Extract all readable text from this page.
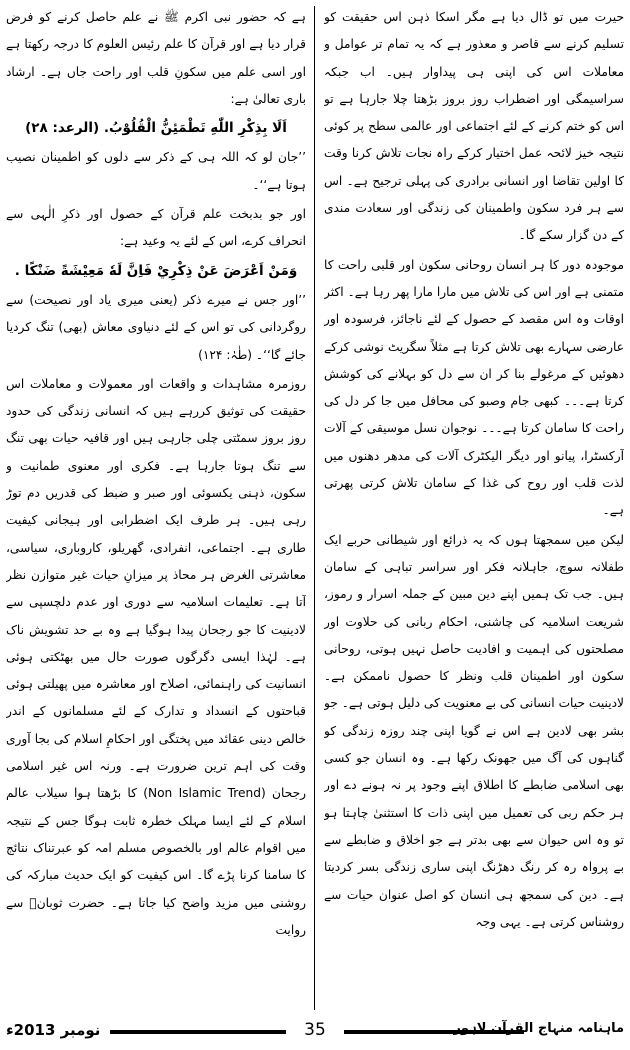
حیرت میں تو ڈال دیا ہے مگر اسکا ذہن اس حقیقت کو تسلیم کرنے سے قاصر و معذور ہے کہ یہ تمام تر عوامل و معاملات اس کی اپنی ہی پیداوار ہیں۔ اب جبکہ سراسیمگی اور اضطراب روز بروز بڑھتا چلا جارہا ہے تو اس کو ختم کرنے کے لئے اجتماعی اور عالمی سطح پر کوئی نتیجہ خیز لائحہ عمل اختیار کرکے راہ نجات تلاش کرنا وقت کا اولین تقاضا اور انسانی برادری کی پہلی ترجیح ہے۔ اس سے ہر فرد سکون واطمینان کی زندگی اور سعادت مندی کے دن گزار سکے گا۔

موجودہ دور کا ہر انسان روحانی سکون اور قلبی راحت کا متمنی ہے اور اس کی تلاش میں مارا مارا پھر رہا ہے۔ اکثر اوقات وہ اس مقصد کے حصول کے لئے ناجائز، فرسودہ اور عارضی سہارے بھی تلاش کرتا ہے مثلاً سگریٹ نوشی کرکے دھوئیں کے مرغولے بنا کر ان سے دل کو بہلانے کی کوشش کرتا ہے۔۔۔ کبھی جام وصبو کی محافل میں جا کر دل کی راحت کا سامان کرتا ہے۔۔۔ نوجوان نسل موسیقی کے آلات آرکسٹرا، پیانو اور دیگر الیکٹرک آلات کی مدھر دھنوں میں لذت قلب اور روح کی غذا کے سامان تلاش کرتی پھرتی ہے۔

لیکن میں سمجھتا ہوں کہ یہ ذرائع اور شیطانی حربے ایک طفلانہ سوچ، جاہلانہ فکر اور سراسر تباہی کے سامان ہیں۔ جب تک ہمیں اپنے دین مبین کے جملہ اسرار و رموز، شریعت اسلامیہ کی چاشنی، احکام ربانی کی حلاوت اور مصلحتوں کی اہمیت و افادیت حاصل نہیں ہوتی، روحانی سکون اور اطمینان قلب ونظر کا حصول ناممکن ہے۔ لادینیت حیات انسانی کی بے معنویت کی دلیل ہوتی ہے۔ جو بشر بھی لادین ہے اس نے گویا اپنی چند روزہ زندگی کو گناہوں کی آگ میں جھونک رکھا ہے۔ وہ انسان جو کسی بھی اسلامی ضابطے کا اطلاق اپنے وجود پر نہ ہونے دے اور ہر حکم ربی کی تعمیل میں اپنی ذات کا استثنیٰ چاہتا ہو تو وہ اس حیوان سے بھی بدتر ہے جو اخلاق و ضابطے سے بے پرواہ رہ کر رنگ دھڑنگ اپنی ساری زندگی بسر کردیتا ہے۔ دین کی سمجھ ہی انسان کو اصل عنوان حیات سے روشناس کرتی ہے۔ یہی وجہ

ہے کہ حضور نبی اکرم ﷺ نے علم حاصل کرنے کو فرض قرار دیا ہے اور قرآن کا علم رئیس العلوم کا درجہ رکھتا ہے اور اسی علم میں سکونِ قلب اور راحت جاں ہے۔ ارشاد باری تعالیٰ ہے:

اَلَا بِذِكْرِ اللّٰهِ تَطْمَئِنُّ الْقُلُوْبُ. (الرعد: ۲۸)

’’جان لو کہ اللہ ہی کے ذکر سے دلوں کو اطمینان نصیب ہوتا ہے‘‘۔

اور جو بدبخت علم قرآن کے حصول اور ذکرِ الٰہی سے انحراف کرے، اس کے لئے یہ وعید ہے:

وَمَنْ اَعْرَضَ عَنْ ذِكْرِيْ فَاِنَّ لَهٗ مَعِيْشَةً ضَنْكًا .

’’اور جس نے میرے ذکر (یعنی میری یاد اور نصیحت) سے روگردانی کی تو اس کے لئے دنیاوی معاش (بھی) تنگ کردیا جائے گا‘‘۔ (طٰہٰ: ۱۲۴)

روزمرہ مشاہدات و واقعات اور معمولات و معاملات اس حقیقت کی توثیق کررہے ہیں کہ انسانی زندگی کی حدود روز بروز سمٹتی چلی جارہی ہیں اور قافیہ حیات بھی تنگ سے تنگ ہوتا جارہا ہے۔ فکری اور معنوی طمانیت و سکون، ذہنی یکسوئی اور صبر و ضبط کی قدریں دم توڑ رہی ہیں۔ ہر طرف ایک اضطرابی اور ہیجانی کیفیت طاری ہے۔ اجتماعی، انفرادی، گھریلو، کاروباری، سیاسی، معاشرتی الغرض ہر محاذ پر میزانِ حیات غیر متوازن نظر آتا ہے۔ تعلیمات اسلامیہ سے دوری اور عدم دلچسپی سے لادینیت کا جو رجحان پیدا ہوگیا ہے وہ بے حد تشویش ناک ہے۔ لہٰذا ایسی دگرگوں صورت حال میں بھٹکتی ہوئی انسانیت کی راہنمائی، اصلاح اور معاشرہ میں پھیلتی ہوئی قباحتوں کے انسداد و تدارک کے لئے مسلمانوں کے اندر خالص دینی عقائد میں پختگی اور احکامِ اسلام کی بجا آوری وقت کی اہم ترین ضرورت ہے۔ ورنہ اس غیر اسلامی رجحان (Non Islamic Trend) کا بڑھتا ہوا سیلاب عالم اسلام کے لئے ایسا مہلک خطرہ ثابت ہوگا جس کے نتیجہ میں اقوام عالم اور بالخصوص مسلم امہ کو عبرتناک نتائج کا سامنا کرنا پڑے گا۔ اس کیفیت کو ایک حدیث مبارکہ کی روشنی میں مزید واضح کیا جاتا ہے۔ حضرت ثوبانؓ سے روایت

نومبر 2013ء	35	ماہنامہ منہاج القرآن لاہور
